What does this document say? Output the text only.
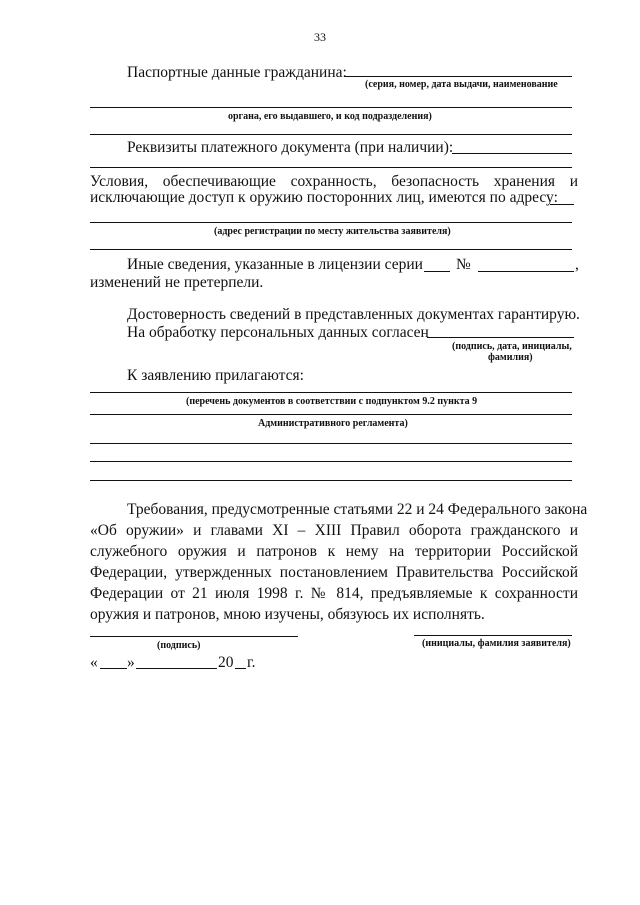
33
Паспортные данные гражданина:
(серия, номер, дата выдачи, наименование
органа, его выдавшего, и код подразделения)
Реквизиты платежного документа (при наличии):
Условия, обеспечивающие сохранность, безопасность хранения и
исключающие доступ к оружию посторонних лиц, имеются по адресу:
(адрес регистрации по месту жительства заявителя)
Иные сведения, указанные в лицензии серии №	,
изменений не претерпели.
Достоверность сведений в представленных документах гарантирую.
На обработку персональных данных согласен
(подпись, дата, инициалы,
фамилия)
К заявлению прилагаются:
(перечень документов в соответствии с подпунктом 9.2 пункта 9
Административного регламента)
Требования, предусмотренные статьями 22 и 24 Федерального закона
«Об оружии» и главами XI – XIII Правил оборота гражданского и
служебного оружия и патронов к нему на территории Российской
Федерации, утвержденных постановлением Правительства Российской
Федерации от 21 июля 1998 г. № 814, предъявляемые к сохранности
оружия и патронов, мною изучены, обязуюсь их исполнять.
(подпись)	(инициалы, фамилия заявителя)
« »	20 г.
